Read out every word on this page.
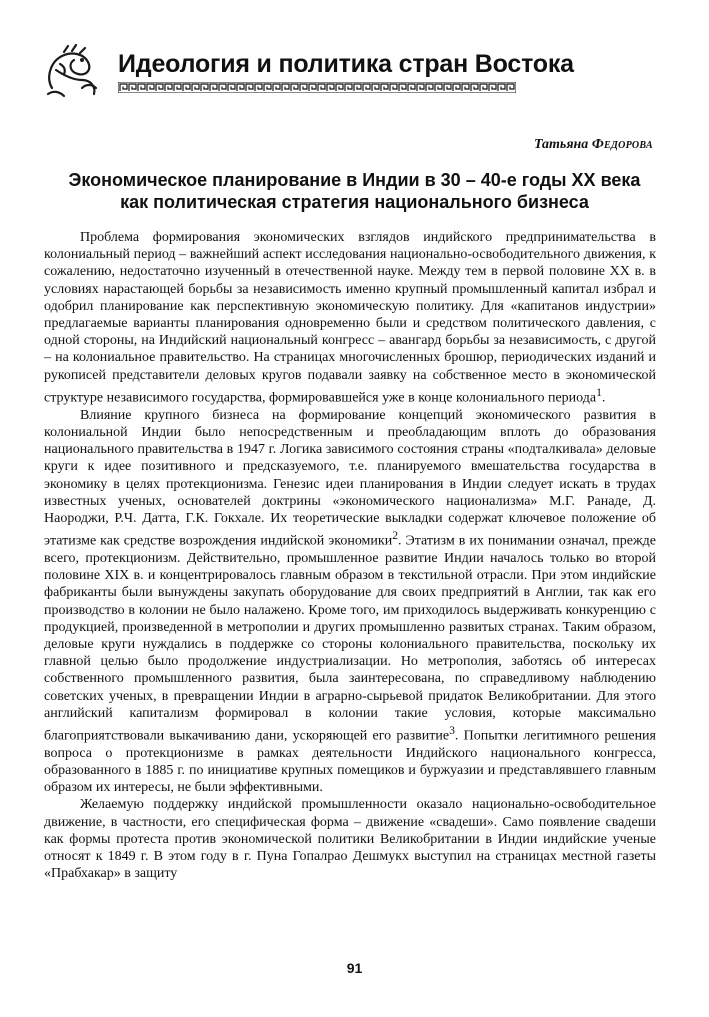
Идеология и политика стран Востока
Татьяна Федорова
Экономическое планирование в Индии в 30 – 40-е годы XX века
как политическая стратегия национального бизнеса

Проблема формирования экономических взглядов индийского предпринимательства в колониальный период – важнейший аспект исследования национально-освободительного движения, к сожалению, недостаточно изученный в отечественной науке. Между тем в первой половине XX в. в условиях нарастающей борьбы за независимость именно крупный промышленный капитал избрал и одобрил планирование как перспективную экономическую политику. Для «капитанов индустрии» предлагаемые варианты планирования одновременно были и средством политического давления, с одной стороны, на Индийский национальный конгресс – авангард борьбы за независимость, с другой – на колониальное правительство. На страницах многочисленных брошюр, периодических изданий и рукописей представители деловых кругов подавали заявку на собственное место в экономической структуре независимого государства, формировавшейся уже в конце колониального периода$^1$.

Влияние крупного бизнеса на формирование концепций экономического развития в колониальной Индии было непосредственным и преобладающим вплоть до образования национального правительства в 1947 г. Логика зависимого состояния страны «подталкивала» деловые круги к идее позитивного и предсказуемого, т.е. планируемого вмешательства государства в экономику в целях протекционизма. Генезис идеи планирования в Индии следует искать в трудах известных ученых, основателей доктрины «экономического национализма» М.Г. Ранаде, Д. Наороджи, Р.Ч. Датта, Г.К. Гокхале. Их теоретические выкладки содержат ключевое положение об этатизме как средстве возрождения индийской экономики$^2$. Этатизм в их понимании означал, прежде всего, протекционизм. Действительно, промышленное развитие Индии началось только во второй половине XIX в. и концентрировалось главным образом в текстильной отрасли. При этом индийские фабриканты были вынуждены закупать оборудование для своих предприятий в Англии, так как его производство в колонии не было налажено. Кроме того, им приходилось выдерживать конкуренцию с продукцией, произведенной в метрополии и других промышленно развитых странах. Таким образом, деловые круги нуждались в поддержке со стороны колониального правительства, поскольку их главной целью было продолжение индустриализации. Но метрополия, заботясь об интересах собственного промышленного развития, была заинтересована, по справедливому наблюдению советских ученых, в превращении Индии в аграрно-сырьевой придаток Великобритании. Для этого английский капитализм формировал в колонии такие условия, которые максимально благоприятствовали выкачиванию дани, ускоряющей его развитие$^3$. Попытки легитимного решения вопроса о протекционизме в рамках деятельности Индийского национального конгресса, образованного в 1885 г. по инициативе крупных помещиков и буржуазии и представлявшего главным образом их интересы, не были эффективными.

Желаемую поддержку индийской промышленности оказало национально-освободительное движение, в частности, его специфическая форма – движение «свадеши». Само появление свадеши как формы протеста против экономической политики Великобритании в Индии индийские ученые относят к 1849 г. В этом году в г. Пуна Гопалрао Дешмукх выступил на страницах местной газеты «Прабхакар» в защиту

91
